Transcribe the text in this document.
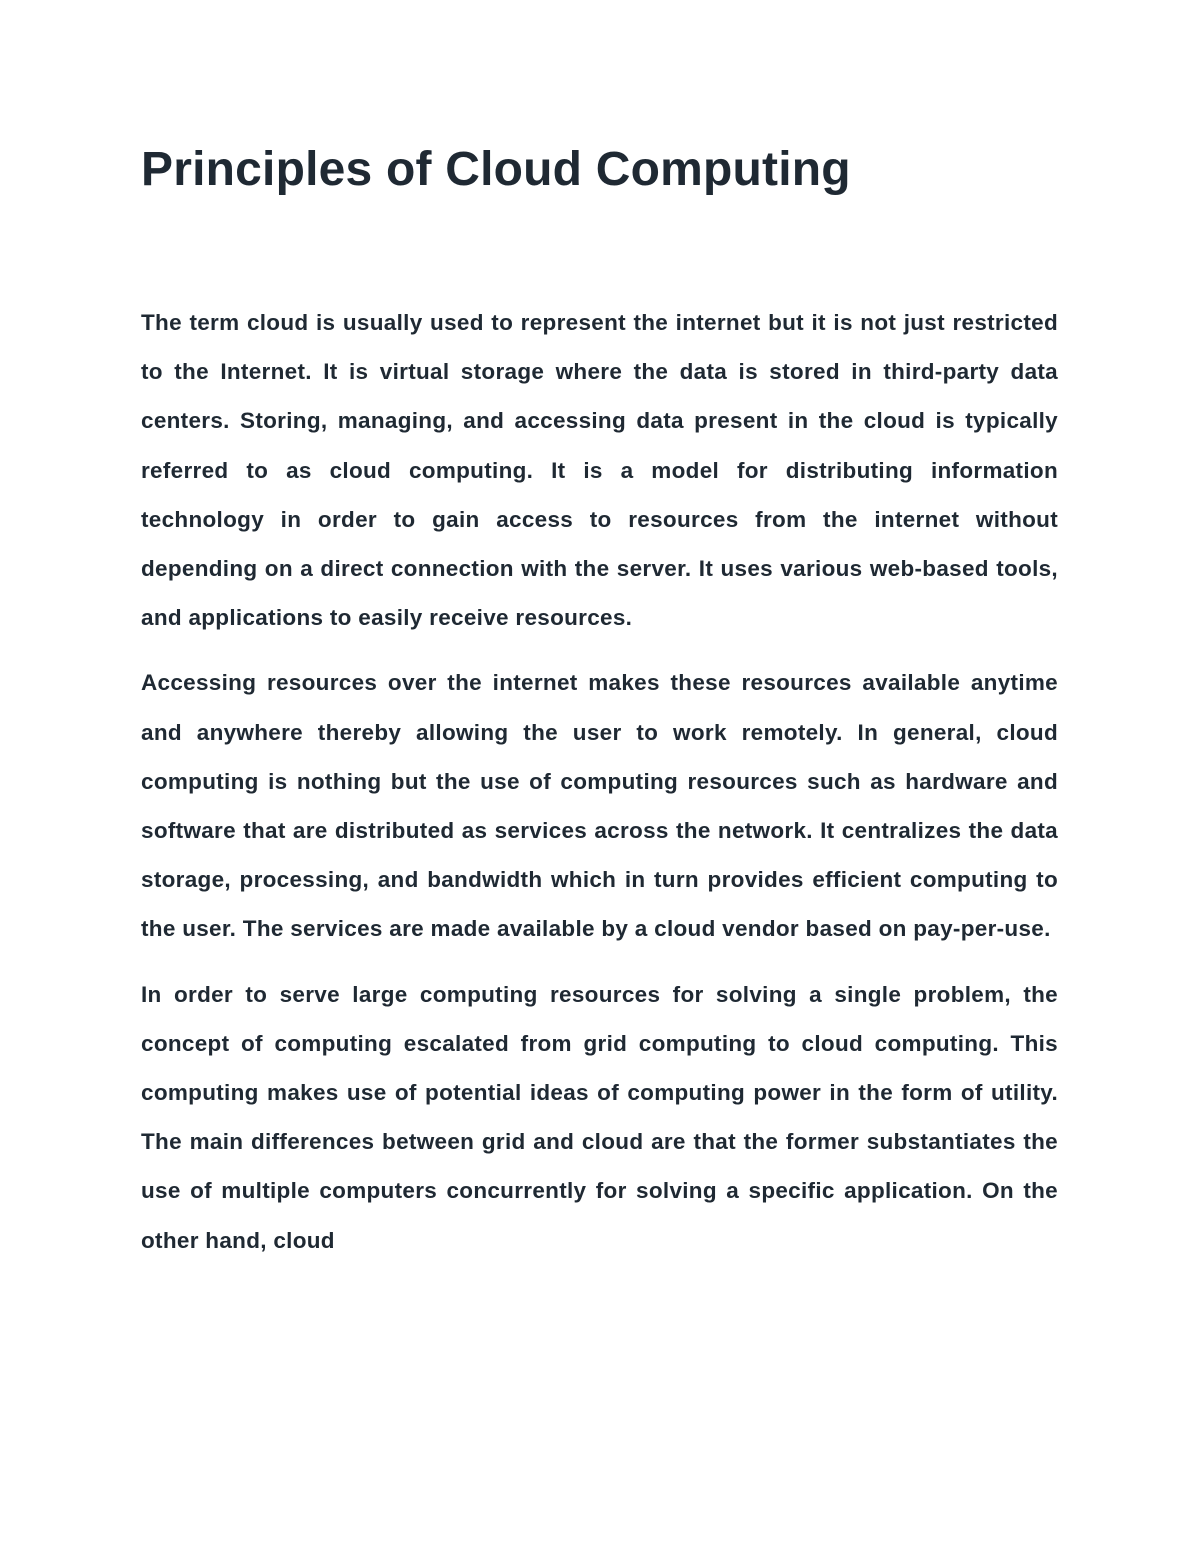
Principles of Cloud Computing

The term cloud is usually used to represent the internet but it is not just restricted to the Internet. It is virtual storage where the data is stored in third-party data centers. Storing, managing, and accessing data present in the cloud is typically referred to as cloud computing. It is a model for distributing information technology in order to gain access to resources from the internet without depending on a direct connection with the server. It uses various web-based tools, and applications to easily receive resources.

Accessing resources over the internet makes these resources available anytime and anywhere thereby allowing the user to work remotely. In general, cloud computing is nothing but the use of computing resources such as hardware and software that are distributed as services across the network. It centralizes the data storage, processing, and bandwidth which in turn provides efficient computing to the user. The services are made available by a cloud vendor based on pay-per-use.

In order to serve large computing resources for solving a single problem, the concept of computing escalated from grid computing to cloud computing. This computing makes use of potential ideas of computing power in the form of utility. The main differences between grid and cloud are that the former substantiates the use of multiple computers concurrently for solving a specific application. On the other hand, cloud
